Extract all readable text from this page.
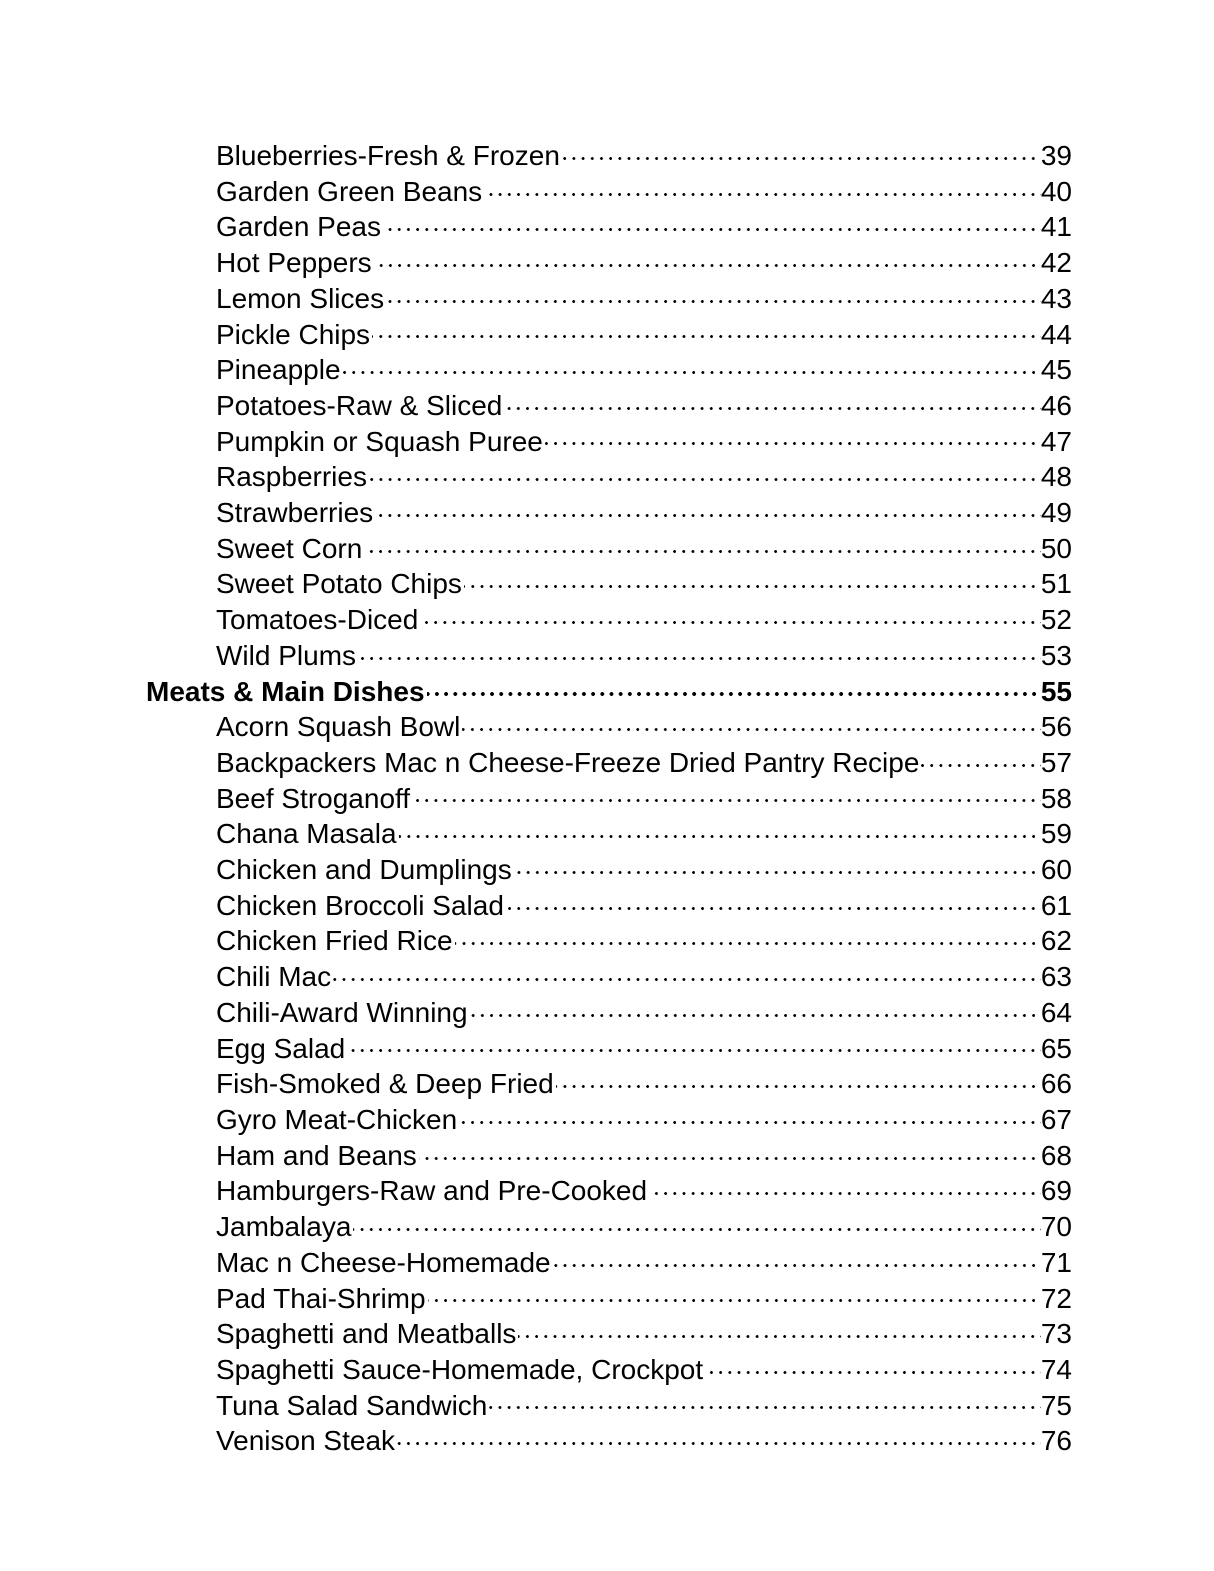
Blueberries-Fresh & Frozen	39
Garden Green Beans	40
Garden Peas	41
Hot Peppers	42
Lemon Slices	43
Pickle Chips	44
Pineapple	45
Potatoes-Raw & Sliced	46
Pumpkin or Squash Puree	47
Raspberries	48
Strawberries	49
Sweet Corn	50
Sweet Potato Chips	51
Tomatoes-Diced	52
Wild Plums	53
Meats & Main Dishes	55
Acorn Squash Bowl	56
Backpackers Mac n Cheese-Freeze Dried Pantry Recipe	57
Beef Stroganoff	58
Chana Masala	59
Chicken and Dumplings	60
Chicken Broccoli Salad	61
Chicken Fried Rice	62
Chili Mac	63
Chili-Award Winning	64
Egg Salad	65
Fish-Smoked & Deep Fried	66
Gyro Meat-Chicken	67
Ham and Beans	68
Hamburgers-Raw and Pre-Cooked	69
Jambalaya	70
Mac n Cheese-Homemade	71
Pad Thai-Shrimp	72
Spaghetti and Meatballs	73
Spaghetti Sauce-Homemade, Crockpot	74
Tuna Salad Sandwich	75
Venison Steak	76
